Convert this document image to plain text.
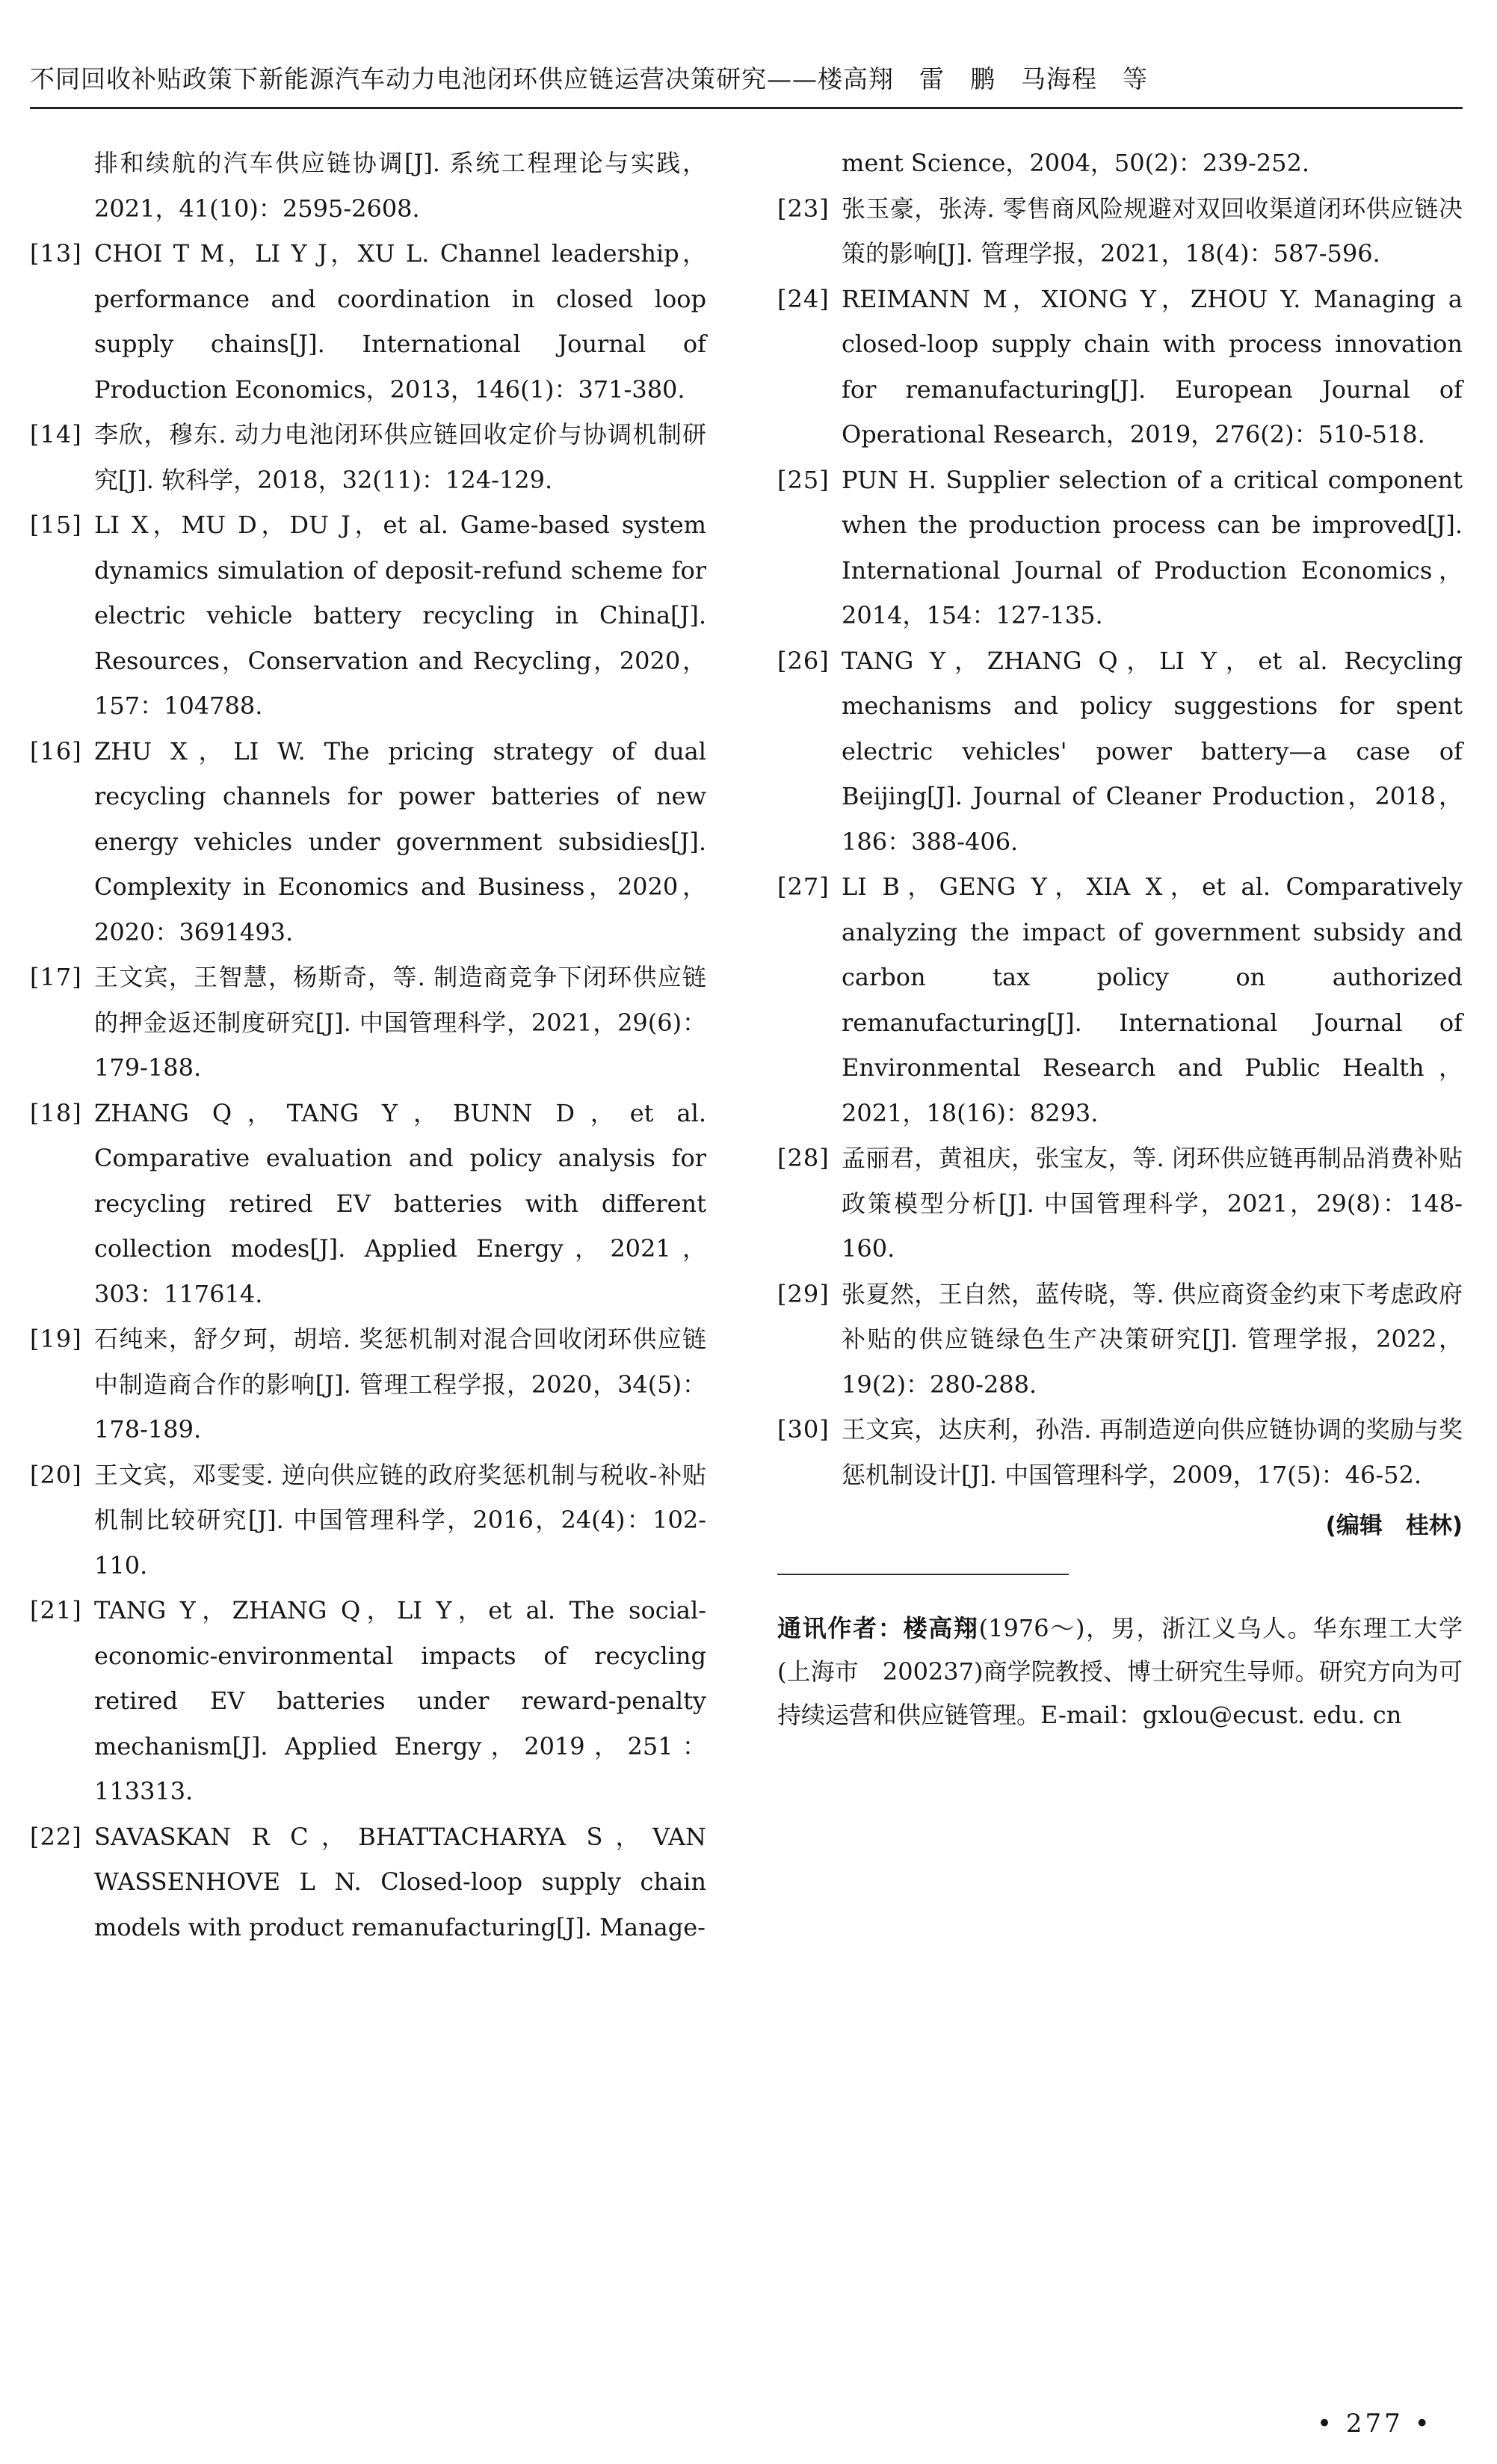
不同回收补贴政策下新能源汽车动力电池闭环供应链运营决策研究——楼高翔　雷　鹏　马海程　等
排和续航的汽车供应链协调[J]. 系统工程理论与实践，2021，41(10)：2595-2608.
[13] CHOI T M，LI Y J，XU L. Channel leadership，performance and coordination in closed loop supply chains[J]. International Journal of Production Economics，2013，146(1)：371-380.
[14] 李欣，穆东. 动力电池闭环供应链回收定价与协调机制研究[J]. 软科学，2018，32(11)：124-129.
[15] LI X，MU D，DU J，et al. Game-based system dynamics simulation of deposit-refund scheme for electric vehicle battery recycling in China[J]. Resources，Conservation and Recycling，2020，157：104788.
[16] ZHU X，LI W. The pricing strategy of dual recycling channels for power batteries of new energy vehicles under government subsidies[J]. Complexity in Economics and Business，2020，2020：3691493.
[17] 王文宾，王智慧，杨斯奇，等. 制造商竞争下闭环供应链的押金返还制度研究[J]. 中国管理科学，2021，29(6)：179-188.
[18] ZHANG Q，TANG Y，BUNN D，et al. Comparative evaluation and policy analysis for recycling retired EV batteries with different collection modes[J]. Applied Energy，2021，303：117614.
[19] 石纯来，舒夕珂，胡培. 奖惩机制对混合回收闭环供应链中制造商合作的影响[J]. 管理工程学报，2020，34(5)：178-189.
[20] 王文宾，邓雯雯. 逆向供应链的政府奖惩机制与税收-补贴机制比较研究[J]. 中国管理科学，2016，24(4)：102-110.
[21] TANG Y，ZHANG Q，LI Y，et al. The social-economic-environmental impacts of recycling retired EV batteries under reward-penalty mechanism[J]. Applied Energy，2019，251：113313.
[22] SAVASKAN R C，BHATTACHARYA S，VAN WASSENHOVE L N. Closed-loop supply chain models with product remanufacturing[J]. Manage-
ment Science，2004，50(2)：239-252.
[23] 张玉豪，张涛. 零售商风险规避对双回收渠道闭环供应链决策的影响[J]. 管理学报，2021，18(4)：587-596.
[24] REIMANN M，XIONG Y，ZHOU Y. Managing a closed-loop supply chain with process innovation for remanufacturing[J]. European Journal of Operational Research，2019，276(2)：510-518.
[25] PUN H. Supplier selection of a critical component when the production process can be improved[J]. International Journal of Production Economics，2014，154：127-135.
[26] TANG Y，ZHANG Q，LI Y，et al. Recycling mechanisms and policy suggestions for spent electric vehicles' power battery—a case of Beijing[J]. Journal of Cleaner Production，2018，186：388-406.
[27] LI B，GENG Y，XIA X，et al. Comparatively analyzing the impact of government subsidy and carbon tax policy on authorized remanufacturing[J]. International Journal of Environmental Research and Public Health，2021，18(16)：8293.
[28] 孟丽君，黄祖庆，张宝友，等. 闭环供应链再制品消费补贴政策模型分析[J]. 中国管理科学，2021，29(8)：148-160.
[29] 张夏然，王自然，蓝传晓，等. 供应商资金约束下考虑政府补贴的供应链绿色生产决策研究[J]. 管理学报，2022，19(2)：280-288.
[30] 王文宾，达庆利，孙浩. 再制造逆向供应链协调的奖励与奖惩机制设计[J]. 中国管理科学，2009，17(5)：46-52.
(编辑　桂林)
通讯作者：楼高翔(1976～)，男，浙江义乌人。华东理工大学(上海市　200237)商学院教授、博士研究生导师。研究方向为可持续运营和供应链管理。E-mail：gxlou@ecust. edu. cn
• 277 •
